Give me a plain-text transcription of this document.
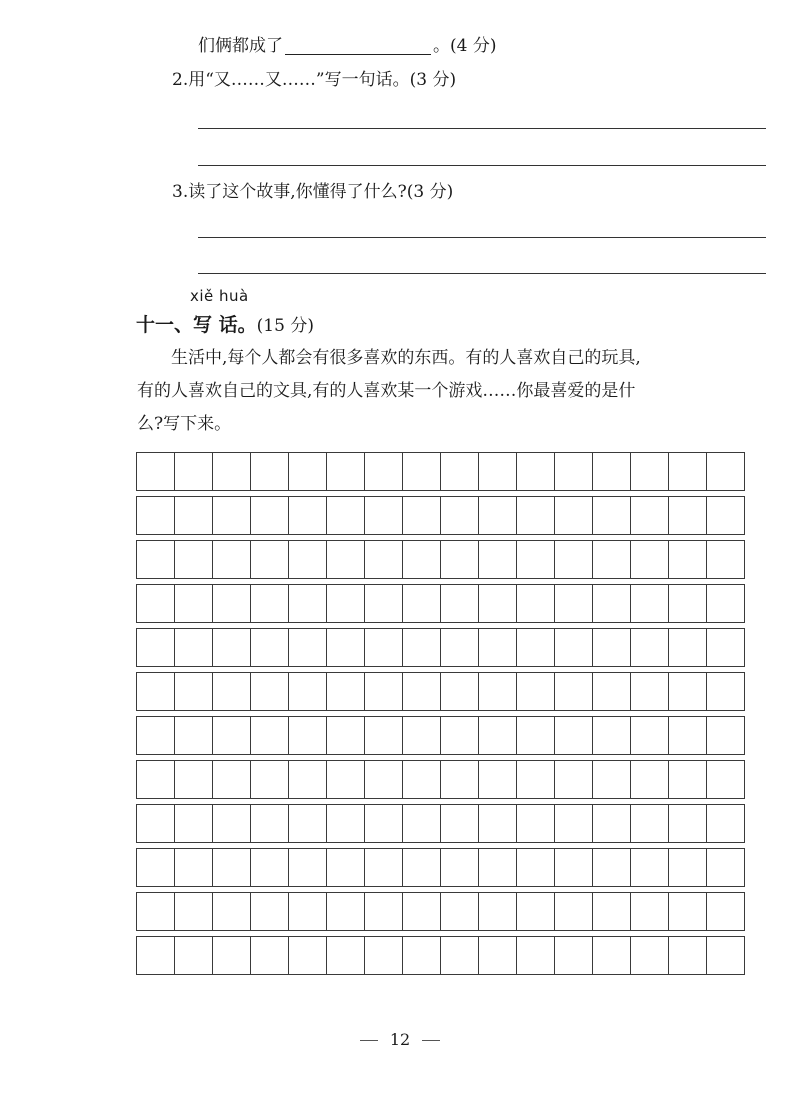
们俩都成了	。(4 分)
2.用“又……又……”写一句话。(3 分)
3.读了这个故事,你懂得了什么?(3 分)
xiě huà
十一、写 话。(15 分)
生活中,每个人都会有很多喜欢的东西。有的人喜欢自己的玩具,
有的人喜欢自己的文具,有的人喜欢某一个游戏……你最喜爱的是什
么?写下来。
12
